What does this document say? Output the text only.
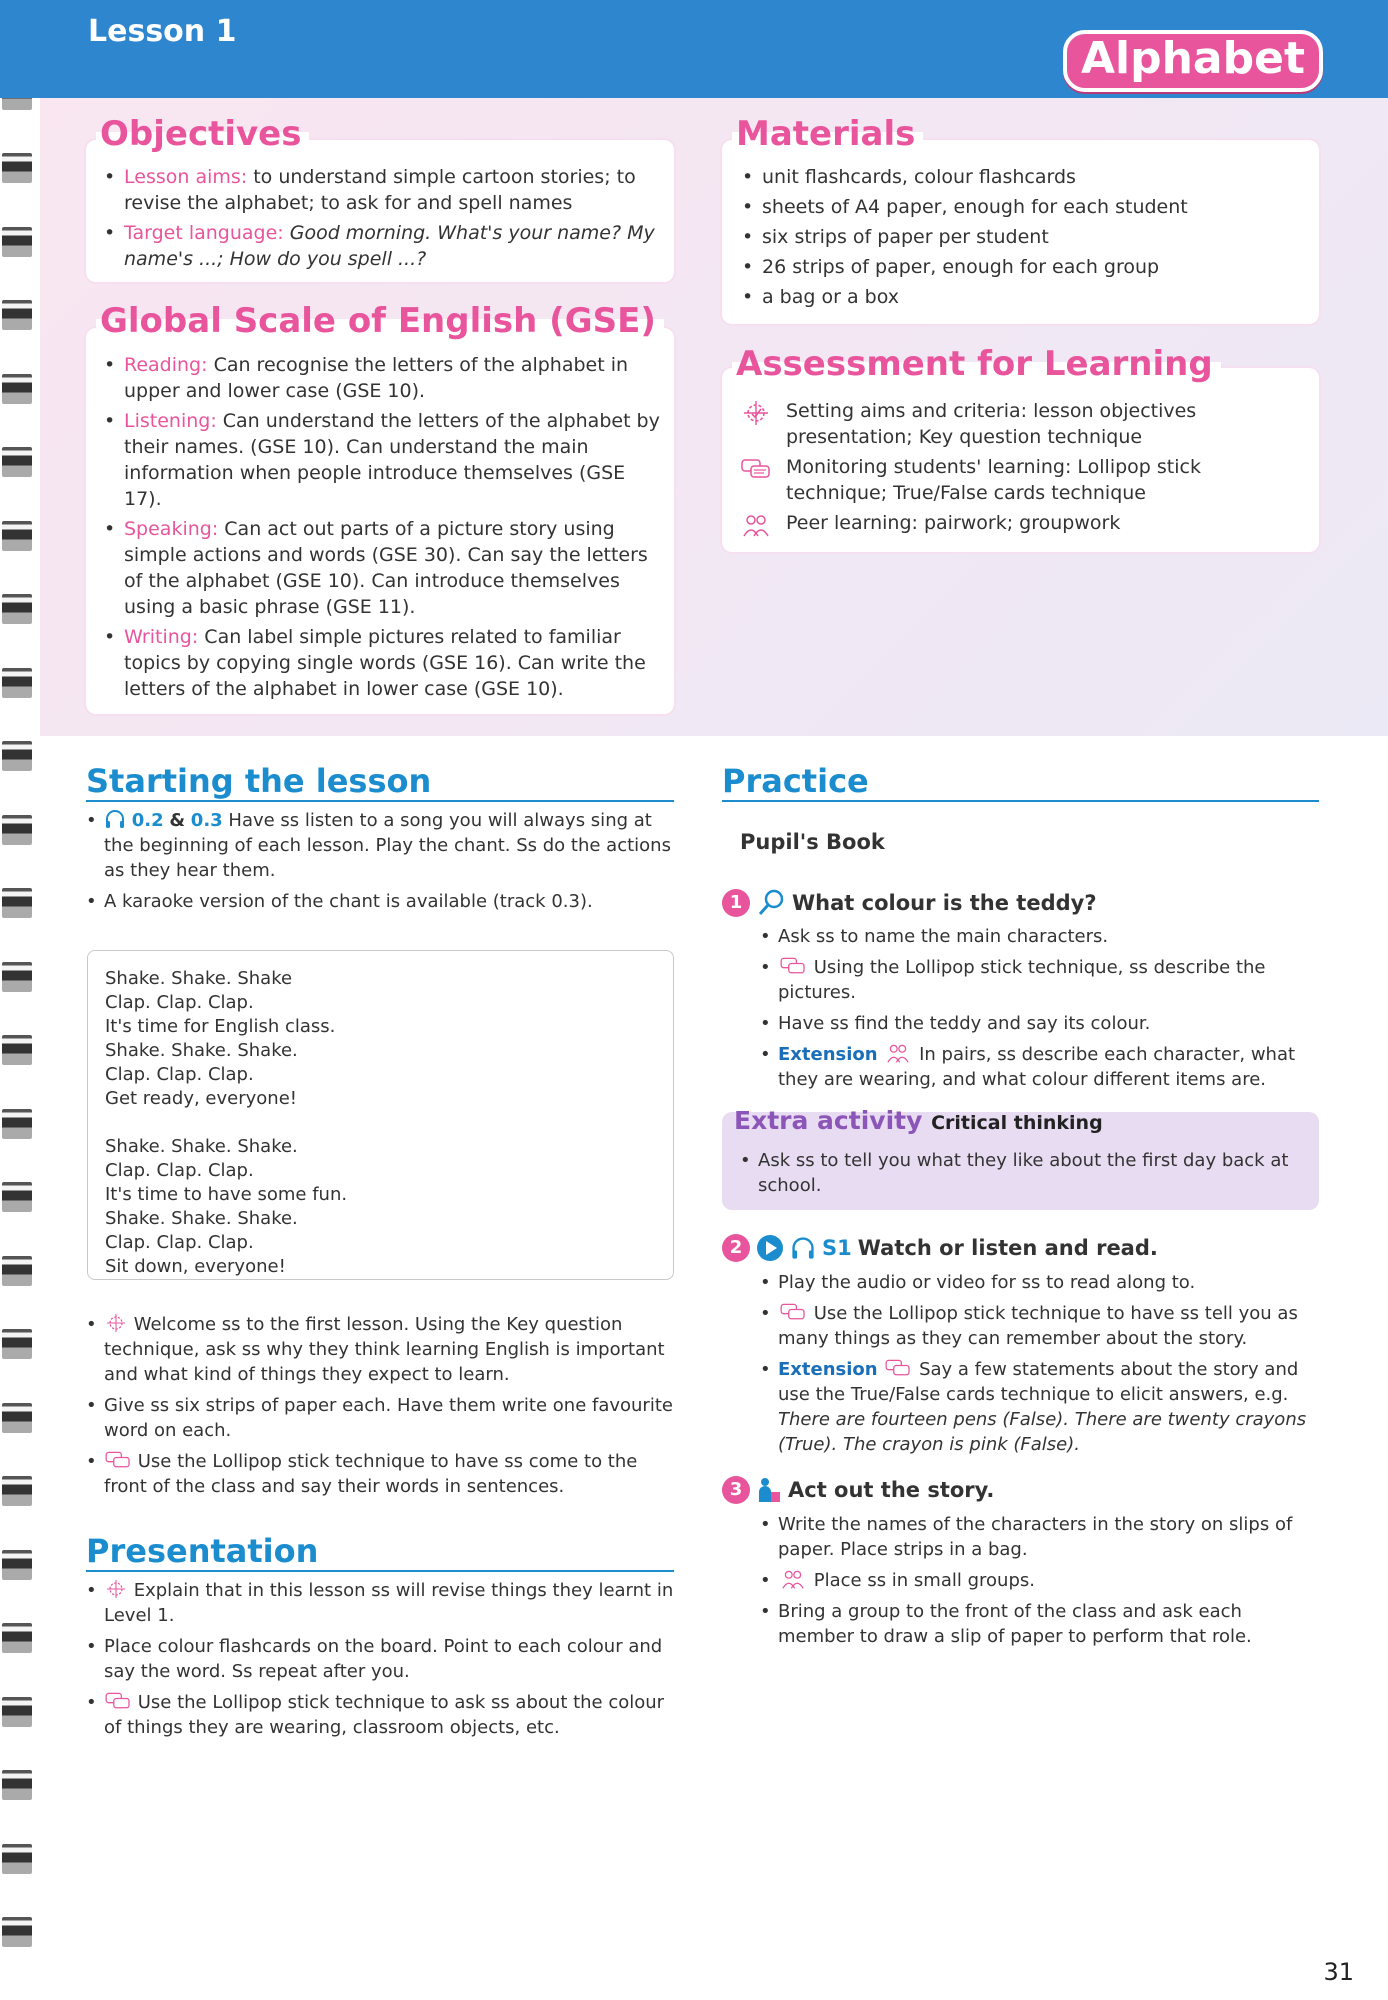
Lesson 1
Alphabet
• Lesson aims: to understand simple cartoon stories; to revise the alphabet; to ask for and spell names
• Target language: Good morning. What's your name? My name's ...; How do you spell ...?
Objectives
• Reading: Can recognise the letters of the alphabet in upper and lower case (GSE 10).
• Listening: Can understand the letters of the alphabet by their names. (GSE 10). Can understand the main information when people introduce themselves (GSE 17).
• Speaking: Can act out parts of a picture story using simple actions and words (GSE 30). Can say the letters of the alphabet (GSE 10). Can introduce themselves using a basic phrase (GSE 11).
• Writing: Can label simple pictures related to familiar topics by copying single words (GSE 16). Can write the letters of the alphabet in lower case (GSE 10).
Global Scale of English (GSE)
• unit flashcards, colour flashcards
• sheets of A4 paper, enough for each student
• six strips of paper per student
• 26 strips of paper, enough for each group
• a bag or a box
Materials
Setting aims and criteria: lesson objectives presentation; Key question technique
Monitoring students' learning: Lollipop stick technique; True/False cards technique
Peer learning: pairwork; groupwork
Assessment for Learning
Starting the lesson
• 0.2 & 0.3 Have ss listen to a song you will always sing at the beginning of each lesson. Play the chant. Ss do the actions as they hear them.
• A karaoke version of the chant is available (track 0.3).
Shake. Shake. Shake
Clap. Clap. Clap.
It's time for English class.
Shake. Shake. Shake.
Clap. Clap. Clap.
Get ready, everyone!
Shake. Shake. Shake.
Clap. Clap. Clap.
It's time to have some fun.
Shake. Shake. Shake.
Clap. Clap. Clap.
Sit down, everyone!
• Welcome ss to the first lesson. Using the Key question technique, ask ss why they think learning English is important and what kind of things they expect to learn.
• Give ss six strips of paper each. Have them write one favourite word on each.
• Use the Lollipop stick technique to have ss come to the front of the class and say their words in sentences.
Presentation
• Explain that in this lesson ss will revise things they learnt in Level 1.
• Place colour flashcards on the board. Point to each colour and say the word. Ss repeat after you.
• Use the Lollipop stick technique to ask ss about the colour of things they are wearing, classroom objects, etc.
Practice
Pupil's Book
1	What colour is the teddy?
• Ask ss to name the main characters.
• Using the Lollipop stick technique, ss describe the pictures.
• Have ss find the teddy and say its colour.
• Extension  In pairs, ss describe each character, what they are wearing, and what colour different items are.
Extra activity Critical thinking
• Ask ss to tell you what they like about the first day back at school.
2	S1 Watch or listen and read.
• Play the audio or video for ss to read along to.
• Use the Lollipop stick technique to have ss tell you as many things as they can remember about the story.
• Extension  Say a few statements about the story and use the True/False cards technique to elicit answers, e.g. There are fourteen pens (False). There are twenty crayons (True). The crayon is pink (False).
3	Act out the story.
• Write the names of the characters in the story on slips of paper. Place strips in a bag.
• Place ss in small groups.
• Bring a group to the front of the class and ask each member to draw a slip of paper to perform that role.
31
